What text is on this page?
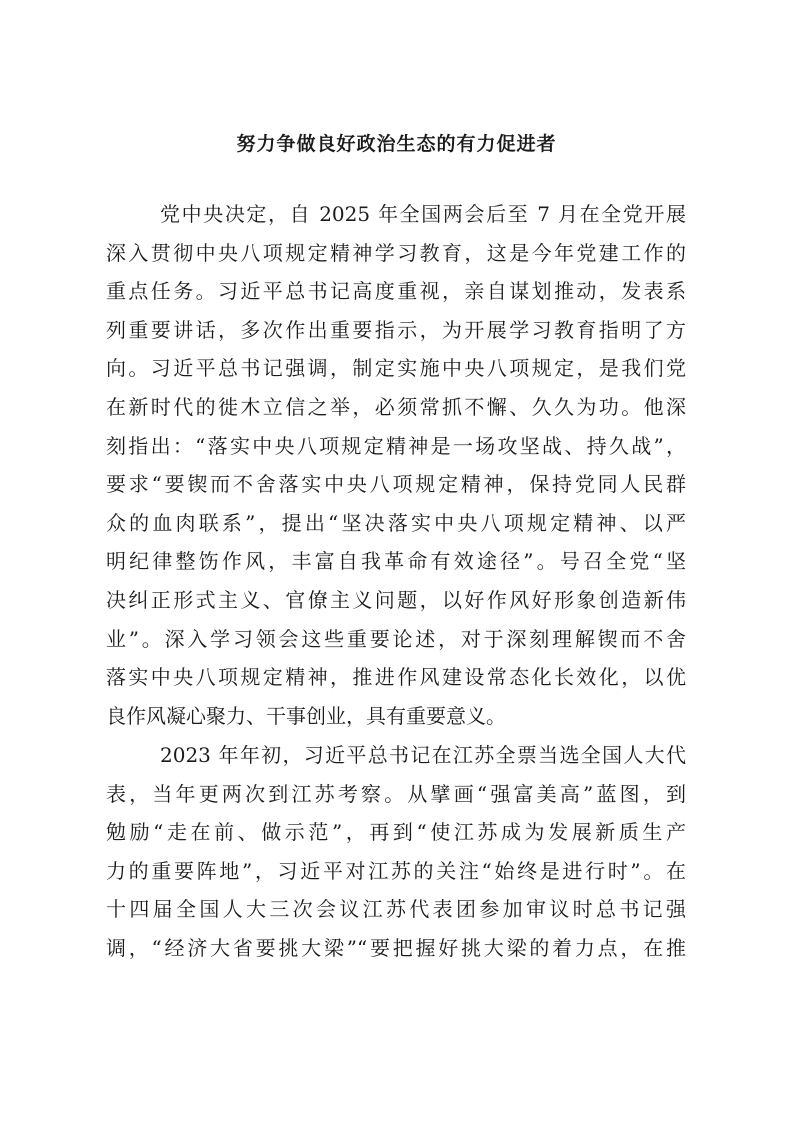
努力争做良好政治生态的有力促进者
党中央决定，自 2025 年全国两会后至 7 月在全党开展
深入贯彻中央八项规定精神学习教育，这是今年党建工作的
重点任务。习近平总书记高度重视，亲自谋划推动，发表系
列重要讲话，多次作出重要指示，为开展学习教育指明了方
向。习近平总书记强调，制定实施中央八项规定，是我们党
在新时代的徙木立信之举，必须常抓不懈、久久为功。他深
刻指出：“落实中央八项规定精神是一场攻坚战、持久战”，
要求“要锲而不舍落实中央八项规定精神，保持党同人民群
众的血肉联系”，提出“坚决落实中央八项规定精神、以严
明纪律整饬作风，丰富自我革命有效途径”。号召全党“坚
决纠正形式主义、官僚主义问题，以好作风好形象创造新伟
业”。深入学习领会这些重要论述，对于深刻理解锲而不舍
落实中央八项规定精神，推进作风建设常态化长效化，以优
良作风凝心聚力、干事创业，具有重要意义。
2023 年年初，习近平总书记在江苏全票当选全国人大代
表，当年更两次到江苏考察。从擘画“强富美高”蓝图，到
勉励“走在前、做示范”，再到“使江苏成为发展新质生产
力的重要阵地”，习近平对江苏的关注“始终是进行时”。在
十四届全国人大三次会议江苏代表团参加审议时总书记强
调，“经济大省要挑大梁”“要把握好挑大梁的着力点，在推
